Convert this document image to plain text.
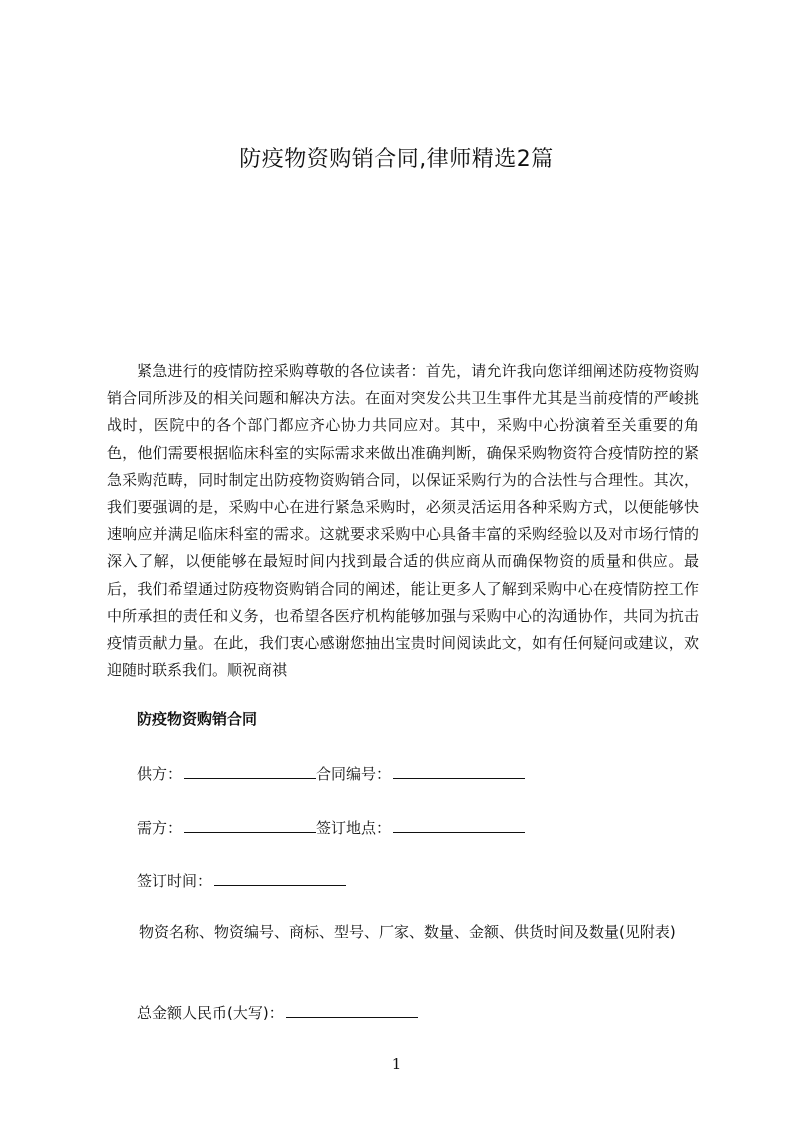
防疫物资购销合同,律师精选2篇

紧急进行的疫情防控采购尊敬的各位读者：首先，请允许我向您详细阐述防疫物资购销合同所涉及的相关问题和解决方法。在面对突发公共卫生事件尤其是当前疫情的严峻挑战时，医院中的各个部门都应齐心协力共同应对。其中，采购中心扮演着至关重要的角色，他们需要根据临床科室的实际需求来做出准确判断，确保采购物资符合疫情防控的紧急采购范畴，同时制定出防疫物资购销合同，以保证采购行为的合法性与合理性。其次，我们要强调的是，采购中心在进行紧急采购时，必须灵活运用各种采购方式，以便能够快速响应并满足临床科室的需求。这就要求采购中心具备丰富的采购经验以及对市场行情的深入了解，以便能够在最短时间内找到最合适的供应商从而确保物资的质量和供应。最后，我们希望通过防疫物资购销合同的阐述，能让更多人了解到采购中心在疫情防控工作中所承担的责任和义务，也希望各医疗机构能够加强与采购中心的沟通协作，共同为抗击疫情贡献力量。在此，我们衷心感谢您抽出宝贵时间阅读此文，如有任何疑问或建议，欢迎随时联系我们。顺祝商祺

防疫物资购销合同

供方：	合同编号：
需方：	签订地点：
签订时间：

物资名称、物资编号、商标、型号、厂家、数量、金额、供货时间及数量(见附表)

总金额人民币(大写)：
1
